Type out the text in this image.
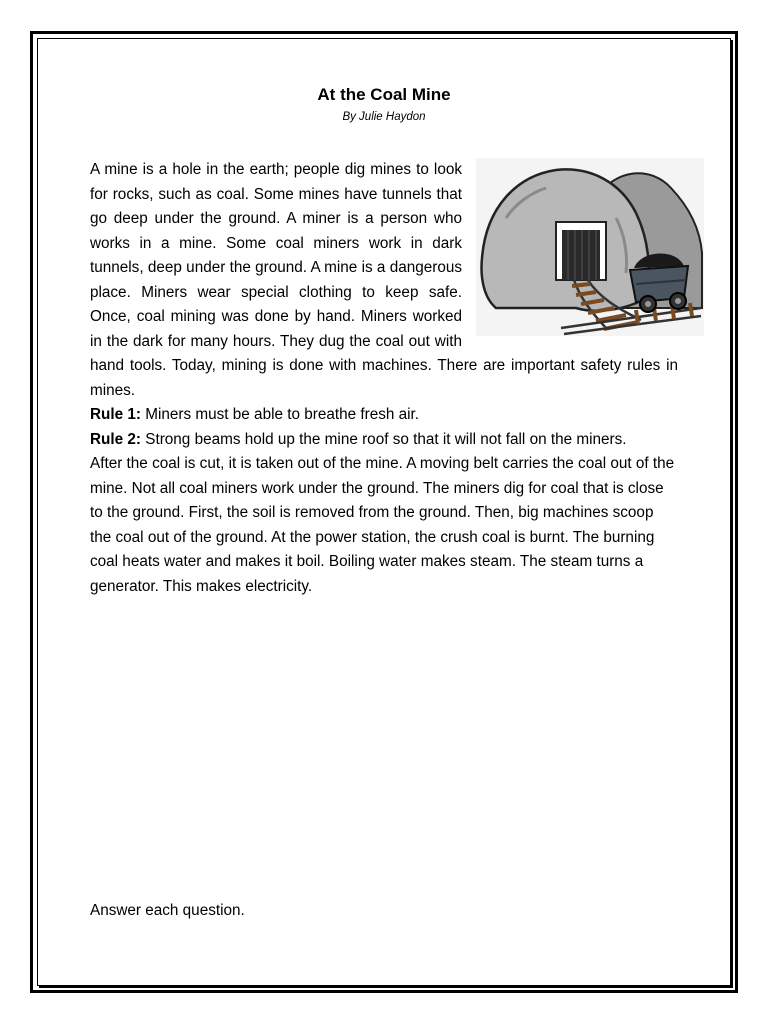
At the Coal Mine
By Julie Haydon

A mine is a hole in the earth; people dig mines to look for rocks, such as coal. Some mines have tunnels that go deep under the ground. A miner is a person who works in a mine. Some coal miners work in dark tunnels, deep under the ground. A mine is a dangerous place. Miners wear special clothing to keep safe. Once, coal mining was done by hand. Miners worked in the dark for many hours. They dug the coal out with hand tools. Today, mining is done with machines. There are important safety rules in mines.

Rule 1: Miners must be able to breathe fresh air.

Rule 2: Strong beams hold up the mine roof so that it will not fall on the miners.

After the coal is cut, it is taken out of the mine. A moving belt carries the coal out of the mine. Not all coal miners work under the ground. The miners dig for coal that is close to the ground. First, the soil is removed from the ground. Then, big machines scoop the coal out of the ground. At the power station, the crush coal is burnt. The burning coal heats water and makes it boil. Boiling water makes steam. The steam turns a generator. This makes electricity.

Answer each question.
